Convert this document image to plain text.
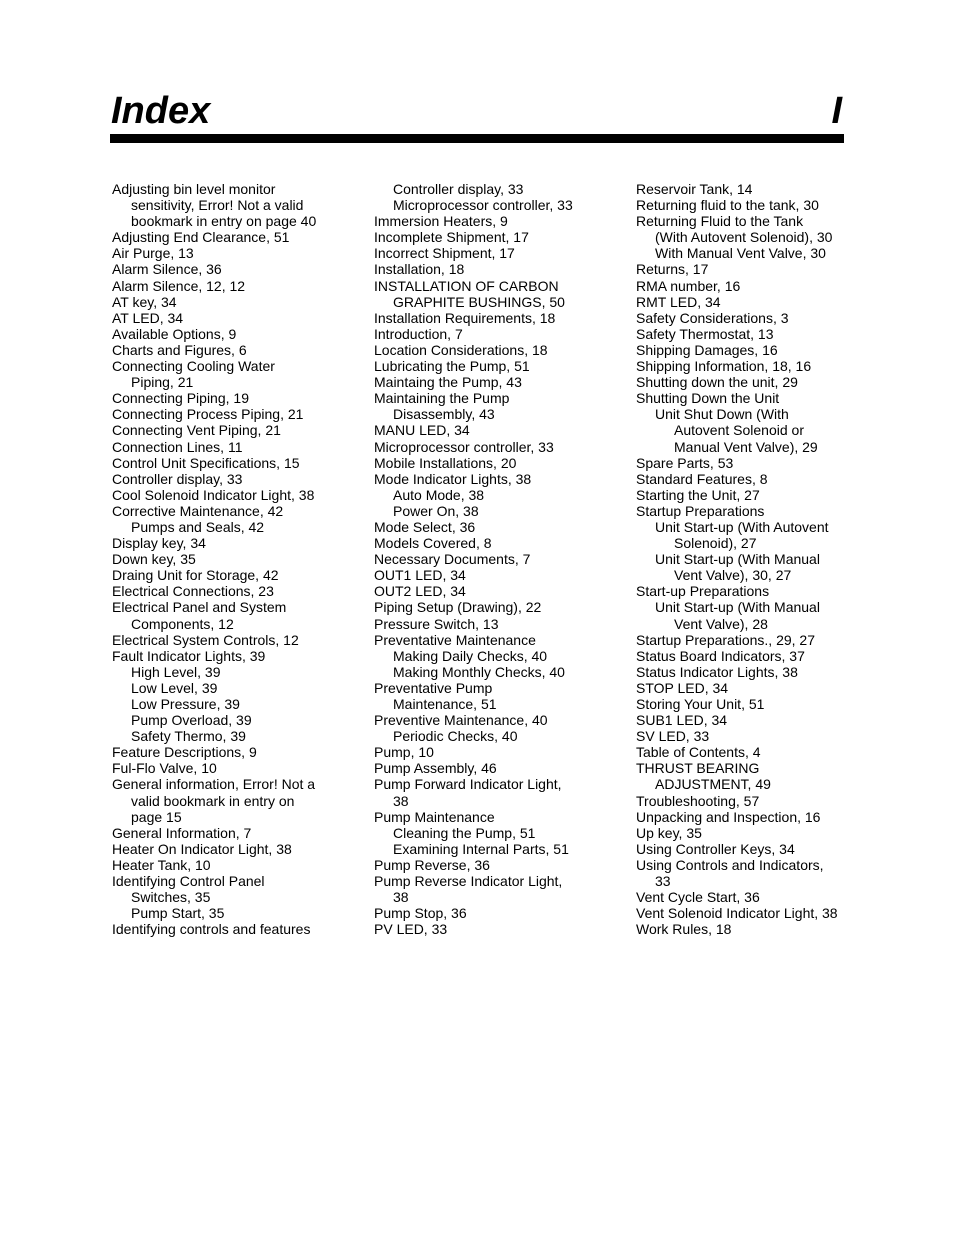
Index	I
Adjusting bin level monitor
sensitivity, Error! Not a valid
bookmark in entry on page 40
Adjusting End Clearance, 51
Air Purge, 13
Alarm Silence, 36
Alarm Silence, 12, 12
AT key, 34
AT LED, 34
Available Options, 9
Charts and Figures, 6
Connecting Cooling Water
Piping, 21
Connecting Piping, 19
Connecting Process Piping, 21
Connecting Vent Piping, 21
Connection Lines, 11
Control Unit Specifications, 15
Controller display, 33
Cool Solenoid Indicator Light, 38
Corrective Maintenance, 42
Pumps and Seals, 42
Display key, 34
Down key, 35
Draing Unit for Storage, 42
Electrical Connections, 23
Electrical Panel and System
Components, 12
Electrical System Controls, 12
Fault Indicator Lights, 39
High Level, 39
Low Level, 39
Low Pressure, 39
Pump Overload, 39
Safety Thermo, 39
Feature Descriptions, 9
Ful-Flo Valve, 10
General information, Error! Not a
valid bookmark in entry on
page 15
General Information, 7
Heater On Indicator Light, 38
Heater Tank, 10
Identifying Control Panel
Switches, 35
Pump Start, 35
Identifying controls and features
Controller display, 33
Microprocessor controller, 33
Immersion Heaters, 9
Incomplete Shipment, 17
Incorrect Shipment, 17
Installation, 18
INSTALLATION OF CARBON
GRAPHITE BUSHINGS, 50
Installation Requirements, 18
Introduction, 7
Location Considerations, 18
Lubricating the Pump, 51
Maintaing the Pump, 43
Maintaining the Pump
Disassembly, 43
MANU LED, 34
Microprocessor controller, 33
Mobile Installations, 20
Mode Indicator Lights, 38
Auto Mode, 38
Power On, 38
Mode Select, 36
Models Covered, 8
Necessary Documents, 7
OUT1 LED, 34
OUT2 LED, 34
Piping Setup (Drawing), 22
Pressure Switch, 13
Preventative Maintenance
Making Daily Checks, 40
Making Monthly Checks, 40
Preventative Pump
Maintenance, 51
Preventive Maintenance, 40
Periodic Checks, 40
Pump, 10
Pump Assembly, 46
Pump Forward Indicator Light,
38
Pump Maintenance
Cleaning the Pump, 51
Examining Internal Parts, 51
Pump Reverse, 36
Pump Reverse Indicator Light,
38
Pump Stop, 36
PV LED, 33
Reservoir Tank, 14
Returning fluid to the tank, 30
Returning Fluid to the Tank
(With Autovent Solenoid), 30
With Manual Vent Valve, 30
Returns, 17
RMA number, 16
RMT LED, 34
Safety Considerations, 3
Safety Thermostat, 13
Shipping Damages, 16
Shipping Information, 18, 16
Shutting down the unit, 29
Shutting Down the Unit
Unit Shut Down (With
Autovent Solenoid or
Manual Vent Valve), 29
Spare Parts, 53
Standard Features, 8
Starting the Unit, 27
Startup Preparations
Unit Start-up (With Autovent
Solenoid), 27
Unit Start-up (With Manual
Vent Valve), 30, 27
Start-up Preparations
Unit Start-up (With Manual
Vent Valve), 28
Startup Preparations., 29, 27
Status Board Indicators, 37
Status Indicator Lights, 38
STOP LED, 34
Storing Your Unit, 51
SUB1 LED, 34
SV LED, 33
Table of Contents, 4
THRUST BEARING
ADJUSTMENT, 49
Troubleshooting, 57
Unpacking and Inspection, 16
Up key, 35
Using Controller Keys, 34
Using Controls and Indicators,
33
Vent Cycle Start, 36
Vent Solenoid Indicator Light, 38
Work Rules, 18
